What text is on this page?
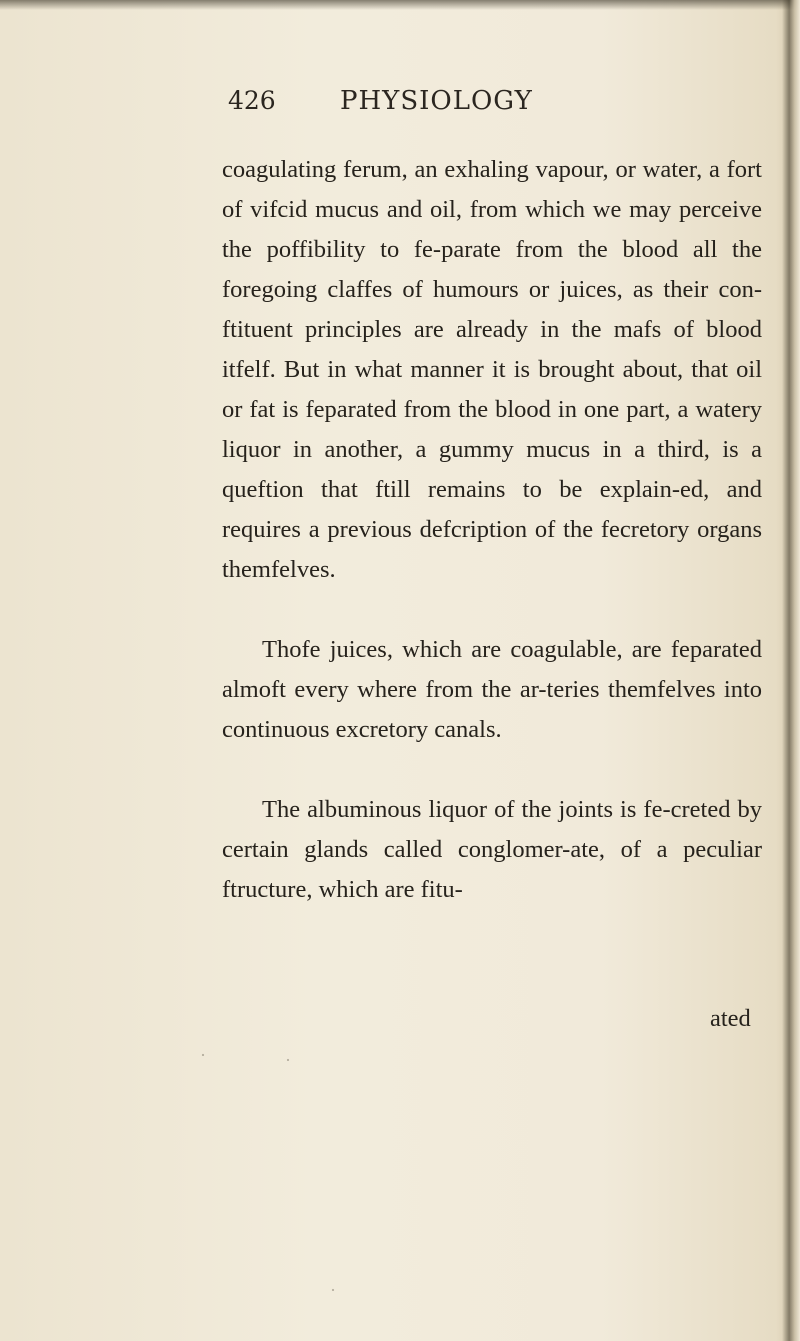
426 PHYSIOLOGY

coagulating ferum, an exhaling vapour, or water, a fort of vifcid mucus and oil, from which we may perceive the poffibility to fe-parate from the blood all the foregoing claffes of humours or juices, as their con-ftituent principles are already in the mafs of blood itfelf. But in what manner it is brought about, that oil or fat is feparated from the blood in one part, a watery liquor in another, a gummy mucus in a third, is a queftion that ftill remains to be explain-ed, and requires a previous defcription of the fecretory organs themfelves.

Thofe juices, which are coagulable, are feparated almoft every where from the ar-teries themfelves into continuous excretory canals.

The albuminous liquor of the joints is fe-creted by certain glands called conglomer-ate, of a peculiar ftructure, which are fitu-

ated
·	·
·
